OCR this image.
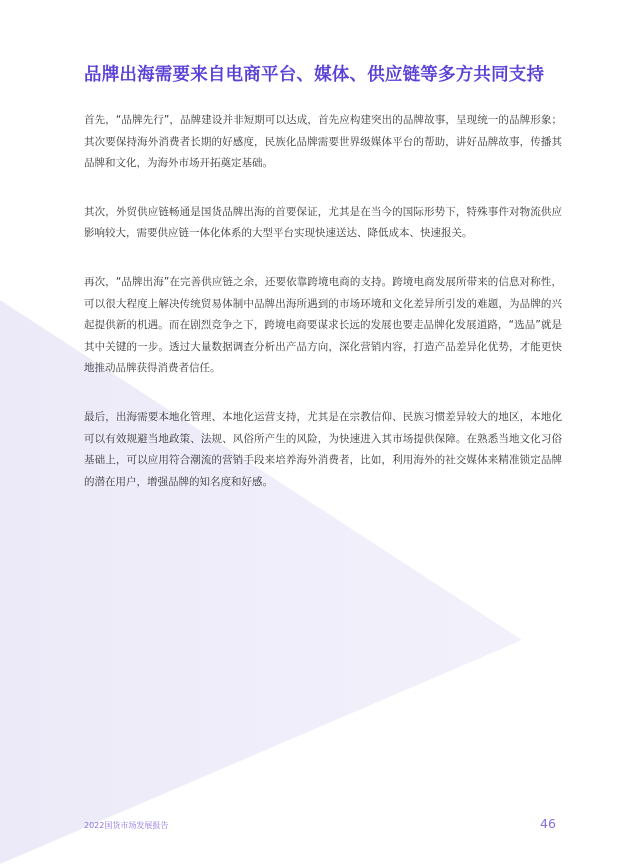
品牌出海需要来自电商平台、媒体、供应链等多方共同支持

首先，“品牌先行”，品牌建设并非短期可以达成，首先应构建突出的品牌故事，呈现统一的品牌形象；其次要保持海外消费者长期的好感度，民族化品牌需要世界级媒体平台的帮助，讲好品牌故事，传播其品牌和文化，为海外市场开拓奠定基础。

其次，外贸供应链畅通是国货品牌出海的首要保证，尤其是在当今的国际形势下，特殊事件对物流供应影响较大，需要供应链一体化体系的大型平台实现快速送达、降低成本、快速报关。

再次，“品牌出海”在完善供应链之余，还要依靠跨境电商的支持。跨境电商发展所带来的信息对称性，可以很大程度上解决传统贸易体制中品牌出海所遇到的市场环境和文化差异所引发的难题，为品牌的兴起提供新的机遇。而在剧烈竞争之下，跨境电商要谋求长远的发展也要走品牌化发展道路，“选品”就是其中关键的一步。透过大量数据调查分析出产品方向，深化营销内容，打造产品差异化优势，才能更快地推动品牌获得消费者信任。

最后，出海需要本地化管理、本地化运营支持，尤其是在宗教信仰、民族习惯差异较大的地区，本地化可以有效规避当地政策、法规、风俗所产生的风险，为快速进入其市场提供保障。在熟悉当地文化习俗基础上，可以应用符合潮流的营销手段来培养海外消费者，比如，利用海外的社交媒体来精准锁定品牌的潜在用户，增强品牌的知名度和好感。

2022国货市场发展报告	46
